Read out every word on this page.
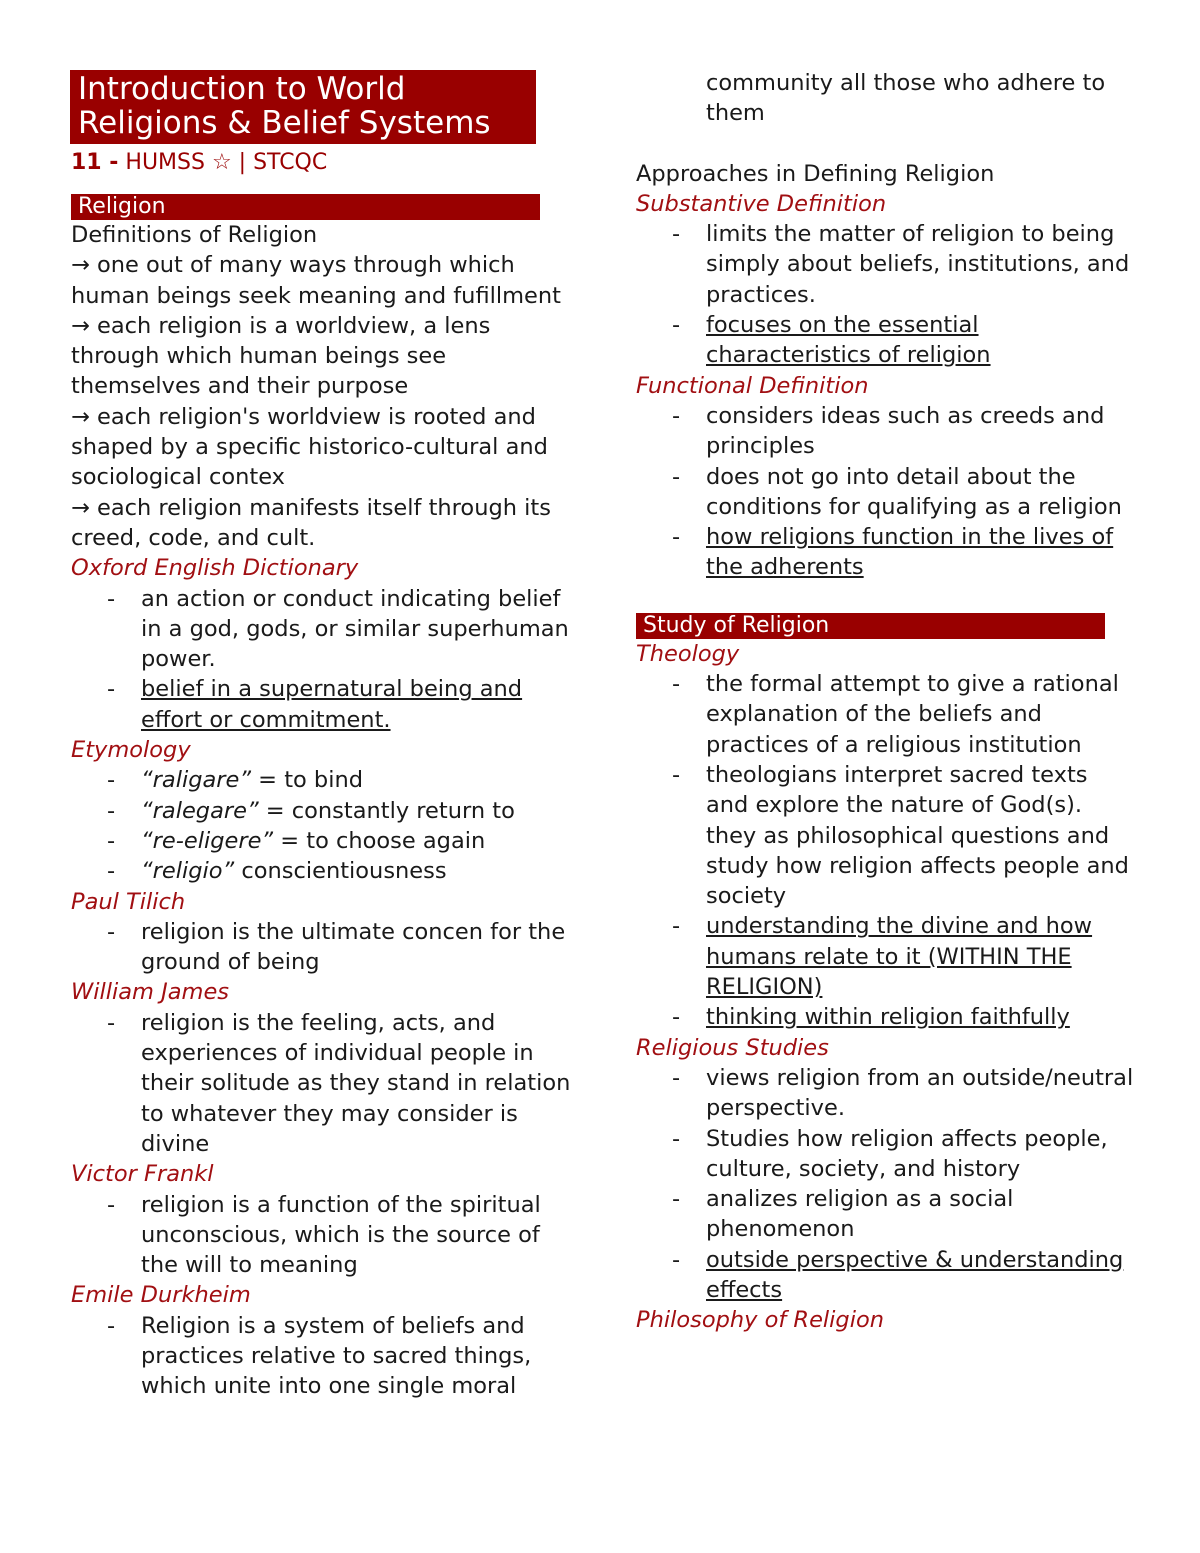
Introduction to World Religions & Belief Systems
11 - HUMSS ☆ | STCQC
Religion

Definitions of Religion

→ one out of many ways through which human beings seek meaning and fufillment

→ each religion is a worldview, a lens through which human beings see themselves and their purpose

→ each religion's worldview is rooted and shaped by a specific historico-cultural and sociological contex

→ each religion manifests itself through its creed, code, and cult.

Oxford English Dictionary

- an action or conduct indicating belief in a god, gods, or similar superhuman power.
- belief in a supernatural being and effort or commitment.

Etymology

- “raligare” = to bind
- “ralegare” = constantly return to
- “re-eligere” = to choose again
- “religio” conscientiousness

Paul Tilich

- religion is the ultimate concen for the ground of being

William James

- religion is the feeling, acts, and experiences of individual people in their solitude as they stand in relation to whatever they may consider is divine

Victor Frankl

- religion is a function of the spiritual unconscious, which is the source of the will to meaning

Emile Durkheim

- Religion is a system of beliefs and practices relative to sacred things, which unite into one single moral

community all those who adhere to them

Approaches in Defining Religion

Substantive Definition

- limits the matter of religion to being simply about beliefs, institutions, and practices.
- focuses on the essential characteristics of religion

Functional Definition

- considers ideas such as creeds and principles
- does not go into detail about the conditions for qualifying as a religion
- how religions function in the lives of the adherents
Study of Religion

Theology

- the formal attempt to give a rational explanation of the beliefs and practices of a religious institution
- theologians interpret sacred texts and explore the nature of God(s). they as philosophical questions and study how religion affects people and society
- understanding the divine and how humans relate to it (WITHIN THE RELIGION)
- thinking within religion faithfully

Religious Studies

- views religion from an outside/neutral perspective.
- Studies how religion affects people, culture, society, and history
- analizes religion as a social phenomenon
- outside perspective & understanding effects

Philosophy of Religion
